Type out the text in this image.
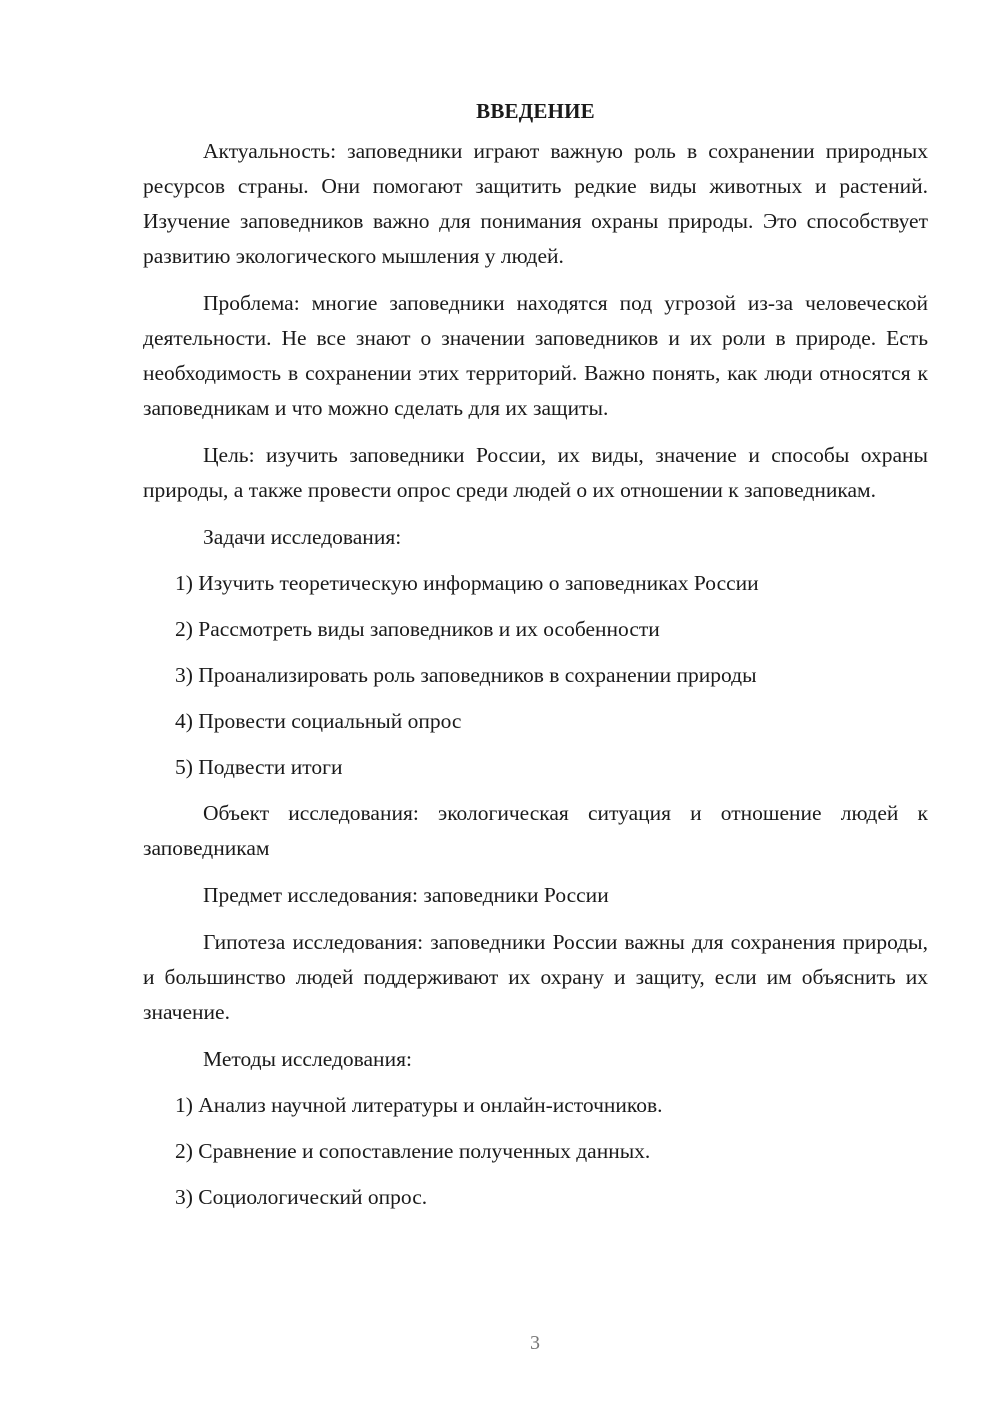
ВВЕДЕНИЕ

Актуальность: заповедники играют важную роль в сохранении природных ресурсов страны. Они помогают защитить редкие виды животных и растений. Изучение заповедников важно для понимания охраны природы. Это способствует развитию экологического мышления у людей.

Проблема: многие заповедники находятся под угрозой из-за человеческой деятельности. Не все знают о значении заповедников и их роли в природе. Есть необходимость в сохранении этих территорий. Важно понять, как люди относятся к заповедникам и что можно сделать для их защиты.

Цель: изучить заповедники России, их виды, значение и способы охраны природы, а также провести опрос среди людей о их отношении к заповедникам.

Задачи исследования:
1) Изучить теоретическую информацию о заповедниках России
2) Рассмотреть виды заповедников и их особенности
3) Проанализировать роль заповедников в сохранении природы
4) Провести социальный опрос
5) Подвести итоги

Объект исследования: экологическая ситуация и отношение людей к заповедникам

Предмет исследования: заповедники России

Гипотеза исследования: заповедники России важны для сохранения природы, и большинство людей поддерживают их охрану и защиту, если им объяснить их значение.

Методы исследования:
1) Анализ научной литературы и онлайн-источников.
2) Сравнение и сопоставление полученных данных.
3) Социологический опрос.
3
